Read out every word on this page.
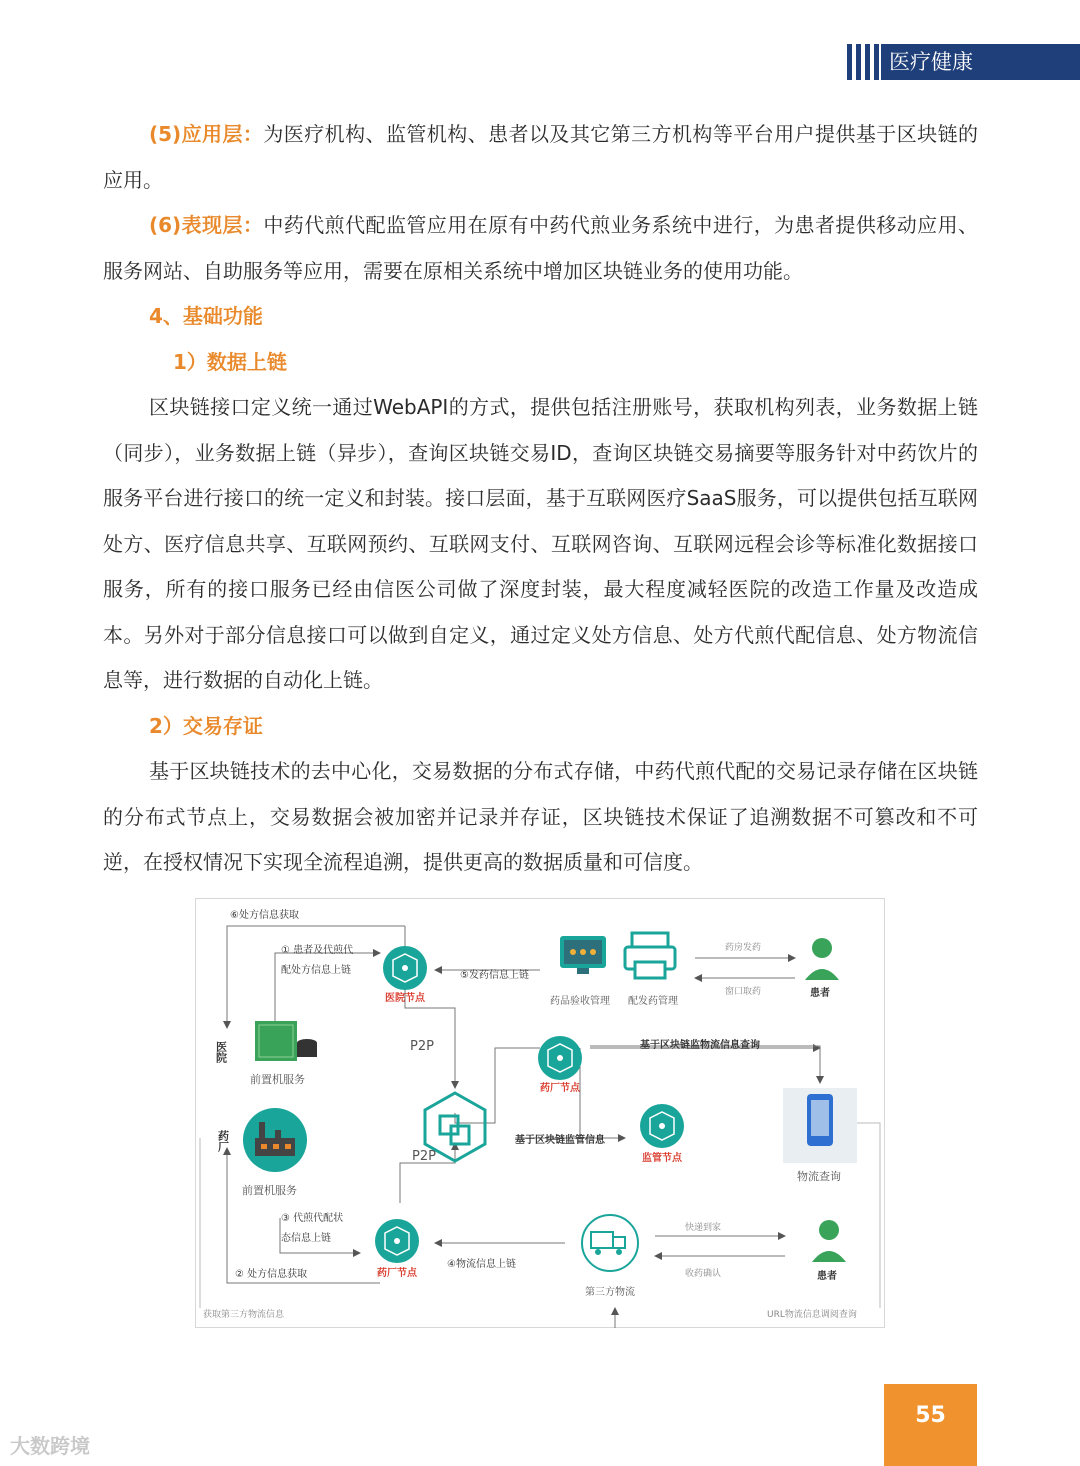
医疗健康

(5)应用层：为医疗机构、监管机构、患者以及其它第三方机构等平台用户提供基于区块链的应用。

(6)表现层：中药代煎代配监管应用在原有中药代煎业务系统中进行，为患者提供移动应用、服务网站、自助服务等应用，需要在原相关系统中增加区块链业务的使用功能。

4、基础功能
1）数据上链

区块链接口定义统一通过WebAPI的方式，提供包括注册账号，获取机构列表，业务数据上链（同步），业务数据上链（异步），查询区块链交易ID，查询区块链交易摘要等服务针对中药饮片的服务平台进行接口的统一定义和封装。接口层面，基于互联网医疗SaaS服务，可以提供包括互联网处方、医疗信息共享、互联网预约、互联网支付、互联网咨询、互联网远程会诊等标准化数据接口服务，所有的接口服务已经由信医公司做了深度封装，最大程度减轻医院的改造工作量及改造成本。另外对于部分信息接口可以做到自定义，通过定义处方信息、处方代煎代配信息、处方物流信息等，进行数据的自动化上链。

2）交易存证

基于区块链技术的去中心化，交易数据的分布式存储，中药代煎代配的交易记录存储在区块链的分布式节点上，交易数据会被加密并记录并存证，区块链技术保证了追溯数据不可篡改和不可逆，在授权情况下实现全流程追溯，提供更高的数据质量和可信度。

⑥处方信息获取
① 患者及代煎代
配处方信息上链	⑤发药信息上链
医院节点
医院
前置机服务
P2P
P2P
药品验收管理 配发药管理
药房发药
窗口取药	患者
药厂节点
基于区块链监物流信息查询
基于区块链监管信息
监管节点
物流查询
药厂
前置机服务
③ 代煎代配状
态信息上链
② 处方信息获取	药厂节点
④物流信息上链
第三方物流
快递到家
收药确认	患者
获取第三方物流信息	URL物流信息调阅查询
55
大数跨境
